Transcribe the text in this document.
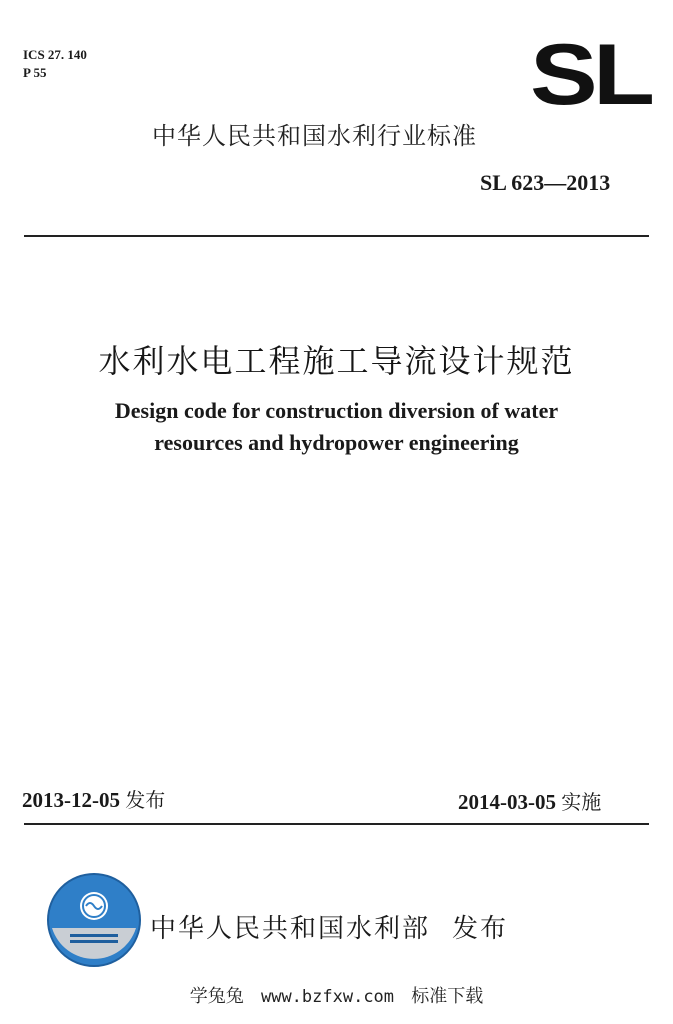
ICS 27. 140
P 55	SL
中华人民共和国水利行业标准
SL 623—2013
水利水电工程施工导流设计规范
Design code for construction diversion of water
resources and hydropower engineering
2013-12-05 发布	2014-03-05 实施
中华人民共和国水利部 发布
学兔兔 www.bzfxw.com 标准下载
